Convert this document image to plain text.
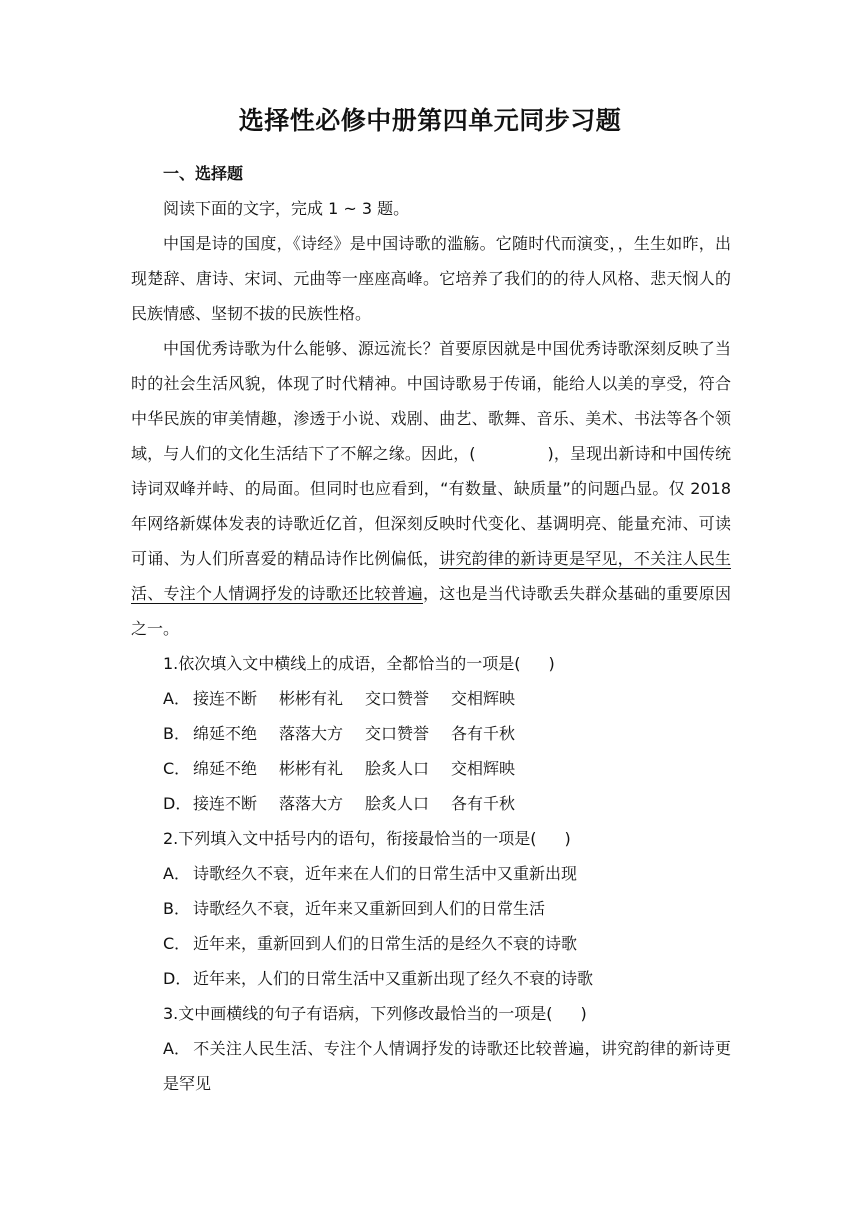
选择性必修中册第四单元同步习题

一、选择题

阅读下面的文字，完成 1 ~ 3 题。

中国是诗的国度，《诗经》是中国诗歌的滥觞。它随时代而演变，，生生如昨，出现楚辞、唐诗、宋词、元曲等一座座高峰。它培养了我们的的待人风格、悲天悯人的民族情感、坚韧不拔的民族性格。

中国优秀诗歌为什么能够、源远流长？首要原因就是中国优秀诗歌深刻反映了当时的社会生活风貌，体现了时代精神。中国诗歌易于传诵，能给人以美的享受，符合中华民族的审美情趣，渗透于小说、戏剧、曲艺、歌舞、音乐、美术、书法等各个领域，与人们的文化生活结下了不解之缘。因此，(	)，呈现出新诗和中国传统诗词双峰并峙、的局面。但同时也应看到，“有数量、缺质量”的问题凸显。仅 2018 年网络新媒体发表的诗歌近亿首，但深刻反映时代变化、基调明亮、能量充沛、可读可诵、为人们所喜爱的精品诗作比例偏低，讲究韵律的新诗更是罕见，不关注人民生活、专注个人情调抒发的诗歌还比较普遍，这也是当代诗歌丢失群众基础的重要原因之一。

1.依次填入文中横线上的成语，全都恰当的一项是( )

A． 接连不断 彬彬有礼 交口赞誉 交相辉映

B． 绵延不绝 落落大方 交口赞誉 各有千秋

C． 绵延不绝 彬彬有礼 脍炙人口 交相辉映

D． 接连不断 落落大方 脍炙人口 各有千秋

2.下列填入文中括号内的语句，衔接最恰当的一项是( )

A． 诗歌经久不衰，近年来在人们的日常生活中又重新出现

B． 诗歌经久不衰，近年来又重新回到人们的日常生活

C． 近年来，重新回到人们的日常生活的是经久不衰的诗歌

D． 近年来，人们的日常生活中又重新出现了经久不衰的诗歌

3.文中画横线的句子有语病，下列修改最恰当的一项是( )

A． 不关注人民生活、专注个人情调抒发的诗歌还比较普遍，讲究韵律的新诗更是罕见
